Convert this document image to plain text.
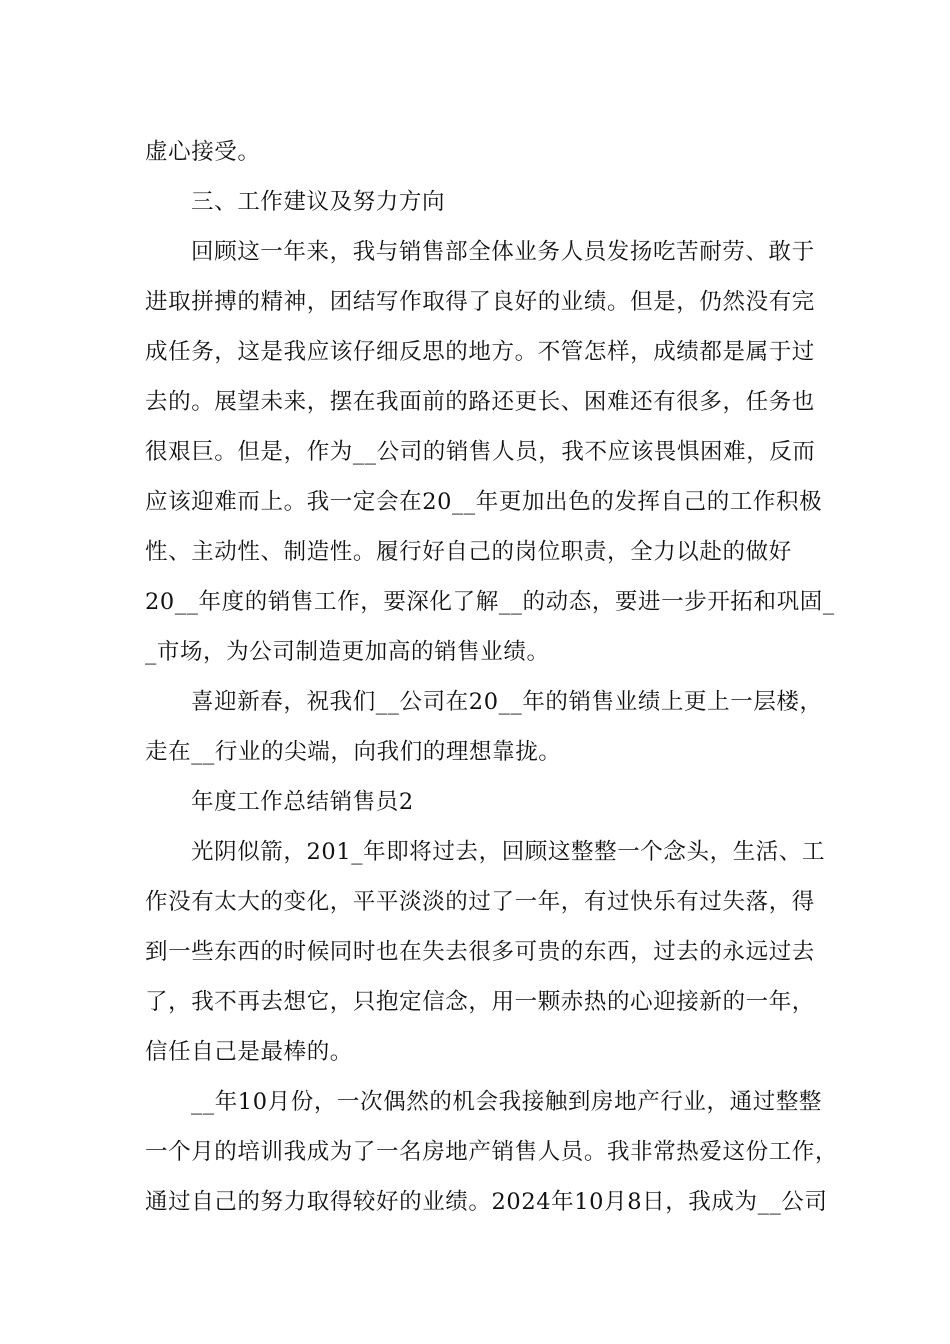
虚心接受。
三、工作建议及努力方向
回顾这一年来，我与销售部全体业务人员发扬吃苦耐劳、敢于
进取拼搏的精神，团结写作取得了良好的业绩。但是，仍然没有完
成任务，这是我应该仔细反思的地方。不管怎样，成绩都是属于过
去的。展望未来，摆在我面前的路还更长、困难还有很多，任务也
很艰巨。但是，作为__公司的销售人员，我不应该畏惧困难，反而
应该迎难而上。我一定会在20__年更加出色的发挥自己的工作积极
性、主动性、制造性。履行好自己的岗位职责，全力以赴的做好
20__年度的销售工作，要深化了解__的动态，要进一步开拓和巩固_
_市场，为公司制造更加高的销售业绩。
喜迎新春，祝我们__公司在20__年的销售业绩上更上一层楼，
走在__行业的尖端，向我们的理想靠拢。
年度工作总结销售员2
光阴似箭，201_年即将过去，回顾这整整一个念头，生活、工
作没有太大的变化，平平淡淡的过了一年，有过快乐有过失落，得
到一些东西的时候同时也在失去很多可贵的东西，过去的永远过去
了，我不再去想它，只抱定信念，用一颗赤热的心迎接新的一年，
信任自己是最棒的。
__年10月份，一次偶然的机会我接触到房地产行业，通过整整
一个月的培训我成为了一名房地产销售人员。我非常热爱这份工作，
通过自己的努力取得较好的业绩。2024年10月8日，我成为__公司
